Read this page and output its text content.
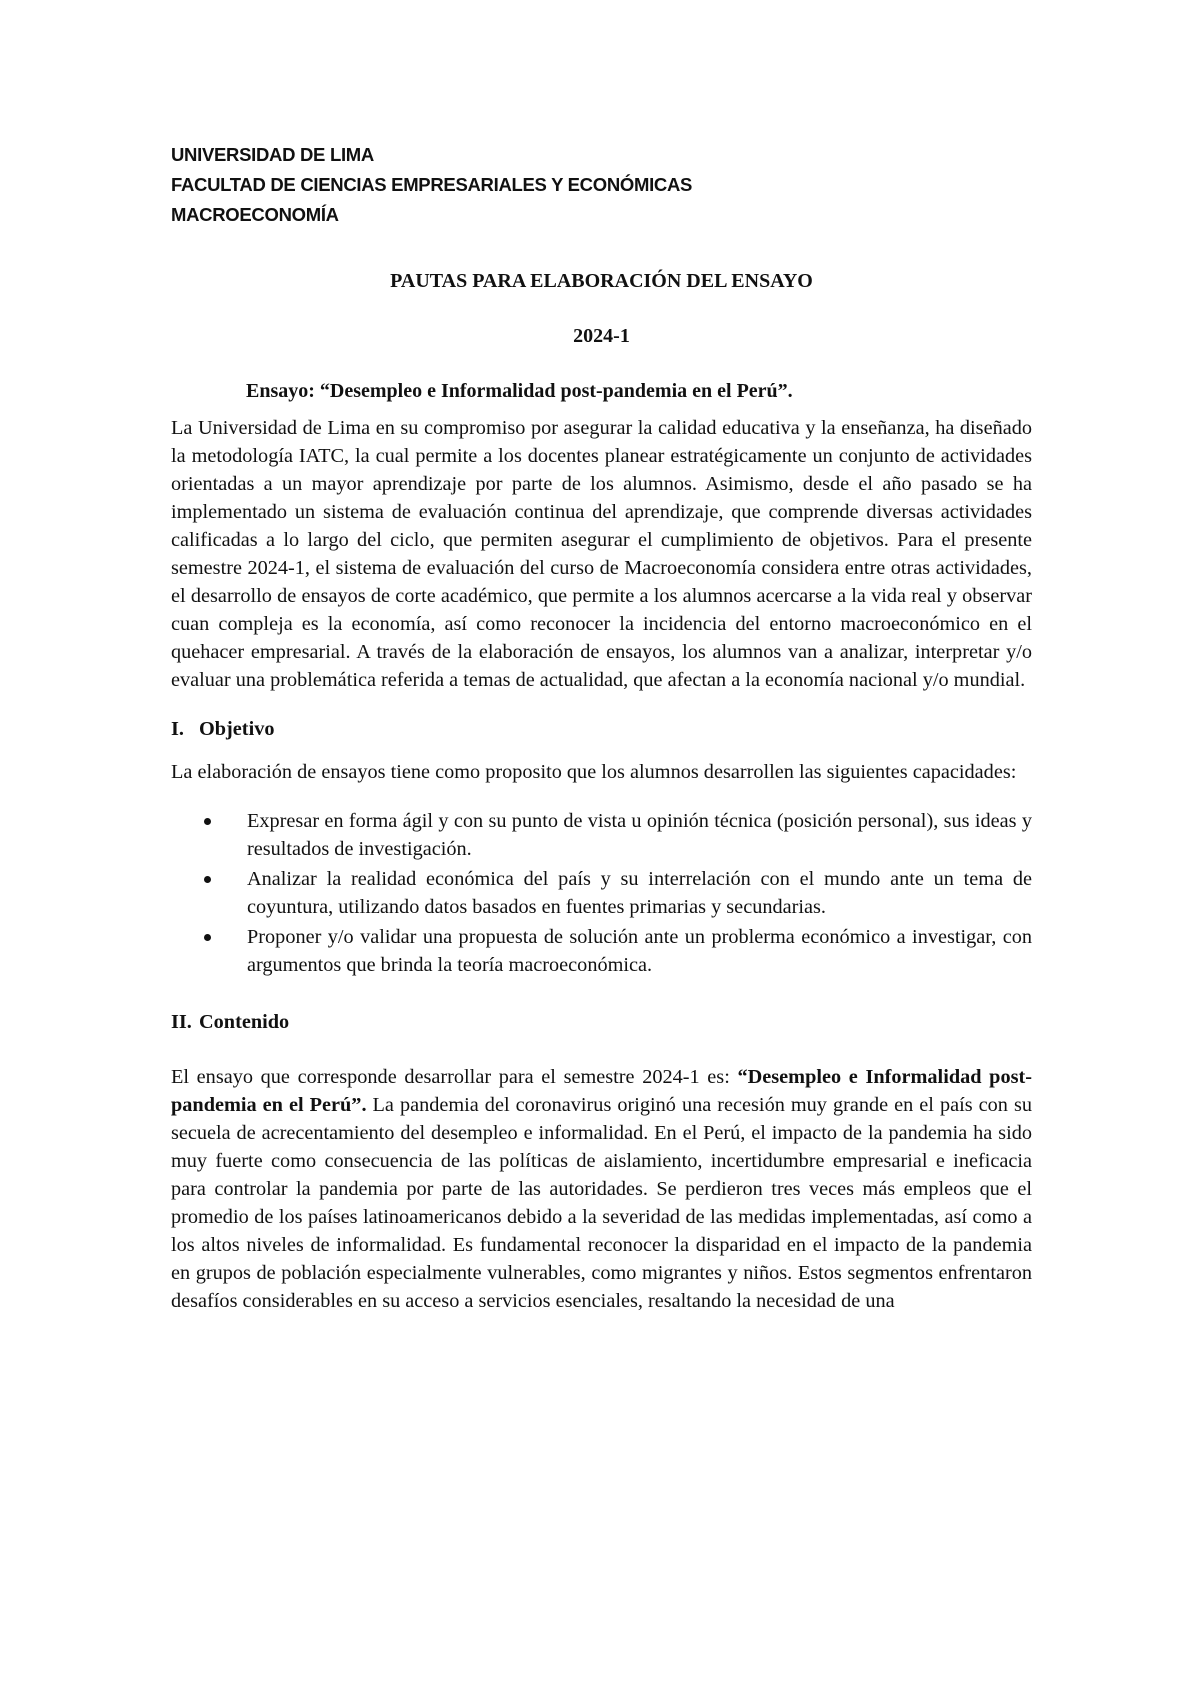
UNIVERSIDAD DE LIMA
FACULTAD DE CIENCIAS EMPRESARIALES Y ECONÓMICAS
MACROECONOMÍA
PAUTAS PARA ELABORACIÓN DEL ENSAYO
2024-1
Ensayo: “Desempleo e Informalidad post-pandemia en el Perú”.

La Universidad de Lima en su compromiso por asegurar la calidad educativa y la enseñanza, ha diseñado la metodología IATC, la cual permite a los docentes planear estratégicamente un conjunto de actividades orientadas a un mayor aprendizaje por parte de los alumnos. Asimismo, desde el año pasado se ha implementado un sistema de evaluación continua del aprendizaje, que comprende diversas actividades calificadas a lo largo del ciclo, que permiten asegurar el cumplimiento de objetivos. Para el presente semestre 2024-1, el sistema de evaluación del curso de Macroeconomía considera entre otras actividades, el desarrollo de ensayos de corte académico, que permite a los alumnos acercarse a la vida real y observar cuan compleja es la economía, así como reconocer la incidencia del entorno macroeconómico en el quehacer empresarial. A través de la elaboración de ensayos, los alumnos van a analizar, interpretar y/o evaluar una problemática referida a temas de actualidad, que afectan a la economía nacional y/o mundial.

I. Objetivo

La elaboración de ensayos tiene como proposito que los alumnos desarrollen las siguientes capacidades:

Expresar en forma ágil y con su punto de vista u opinión técnica (posición personal), sus ideas y resultados de investigación.
Analizar la realidad económica del país y su interrelación con el mundo ante un tema de coyuntura, utilizando datos basados en fuentes primarias y secundarias.
Proponer y/o validar una propuesta de solución ante un problerma económico a investigar, con argumentos que brinda la teoría macroeconómica.
II. Contenido

El ensayo que corresponde desarrollar para el semestre 2024-1 es: “Desempleo e Informalidad post-pandemia en el Perú”. La pandemia del coronavirus originó una recesión muy grande en el país con su secuela de acrecentamiento del desempleo e informalidad. En el Perú, el impacto de la pandemia ha sido muy fuerte como consecuencia de las políticas de aislamiento, incertidumbre empresarial e ineficacia para controlar la pandemia por parte de las autoridades. Se perdieron tres veces más empleos que el promedio de los países latinoamericanos debido a la severidad de las medidas implementadas, así como a los altos niveles de informalidad. Es fundamental reconocer la disparidad en el impacto de la pandemia en grupos de población especialmente vulnerables, como migrantes y niños. Estos segmentos enfrentaron desafíos considerables en su acceso a servicios esenciales, resaltando la necesidad de una
